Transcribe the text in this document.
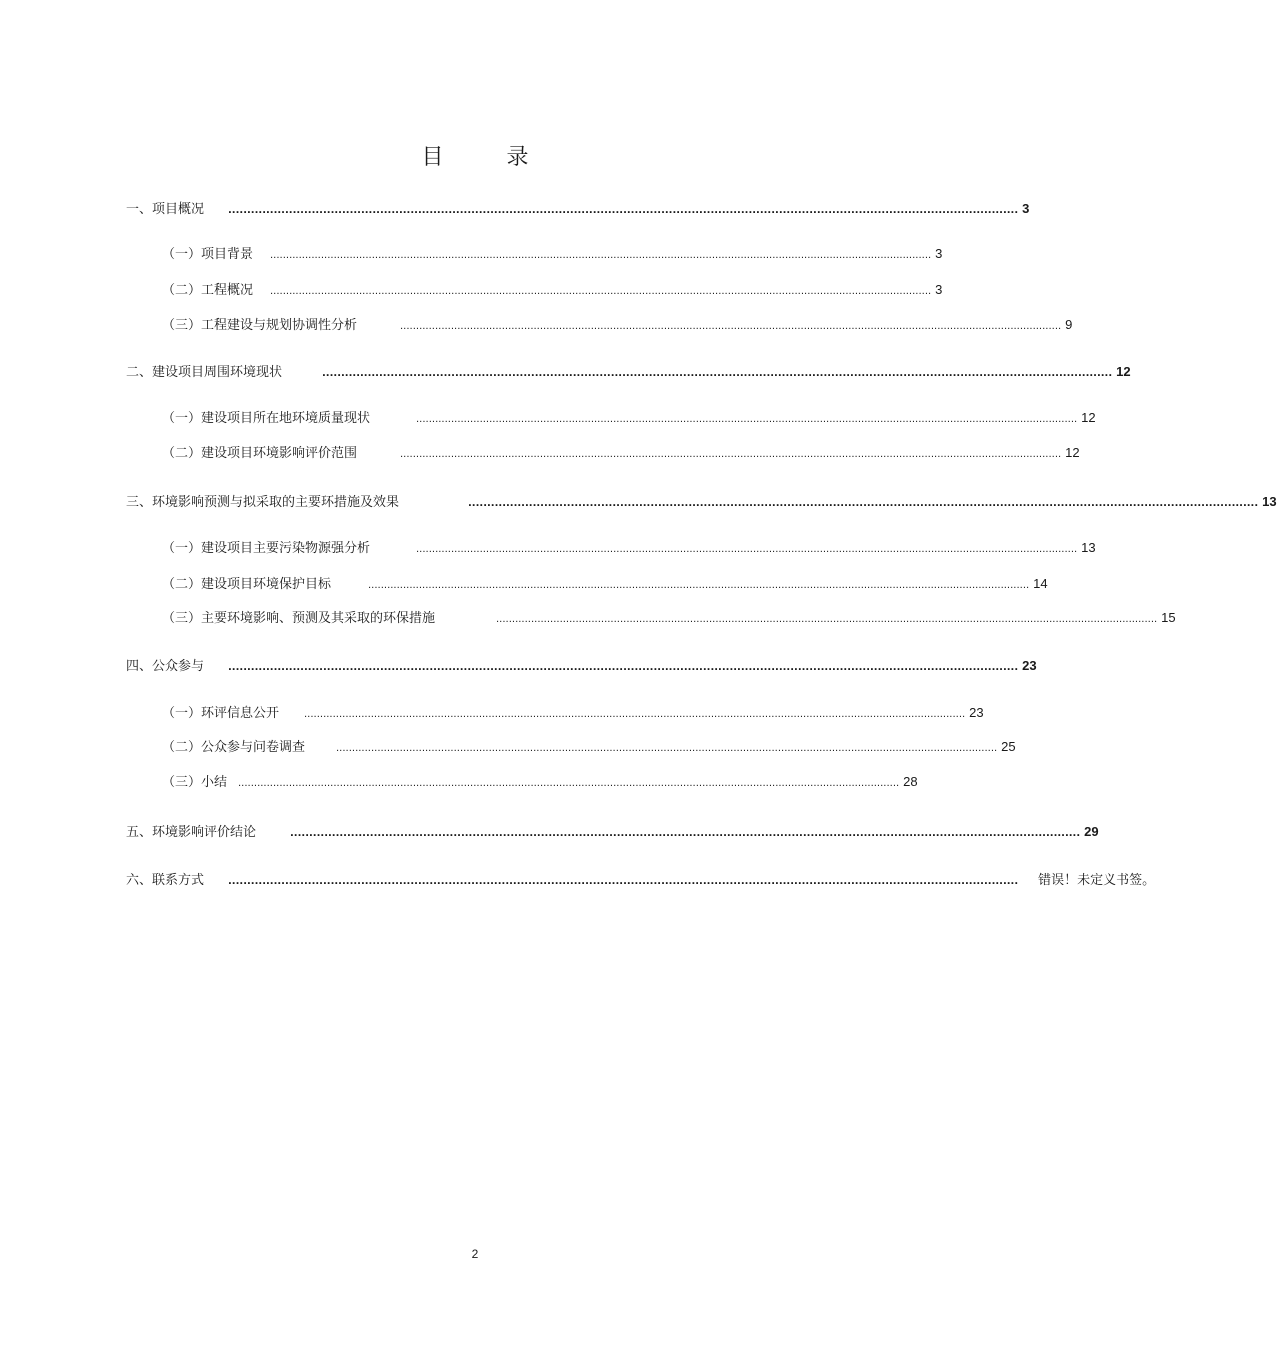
目 录
一、项目概况	................................................................................................................................................................................................................ 3
（一）项目背景	................................................................................................................................................................................................................ 3
（二）工程概况	................................................................................................................................................................................................................ 3
（三）工程建设与规划协调性分析	................................................................................................................................................................................................................ 9
二、建设项目周围环境现状	................................................................................................................................................................................................................ 12
（一）建设项目所在地环境质量现状	................................................................................................................................................................................................................ 12
（二）建设项目环境影响评价范围	................................................................................................................................................................................................................ 12
三、环境影响预测与拟采取的主要环措施及效果	................................................................................................................................................................................................................ 13
（一）建设项目主要污染物源强分析	................................................................................................................................................................................................................ 13
（二）建设项目环境保护目标	................................................................................................................................................................................................................ 14
（三）主要环境影响、预测及其采取的环保措施	................................................................................................................................................................................................................ 15
四、公众参与	................................................................................................................................................................................................................ 23
（一）环评信息公开	................................................................................................................................................................................................................ 23
（二）公众参与问卷调查	................................................................................................................................................................................................................ 25
（三）小结	................................................................................................................................................................................................................ 28
五、环境影响评价结论	................................................................................................................................................................................................................ 29
六、联系方式	................................................................................................................................................................................................................ 错误！未定义书签。
2
